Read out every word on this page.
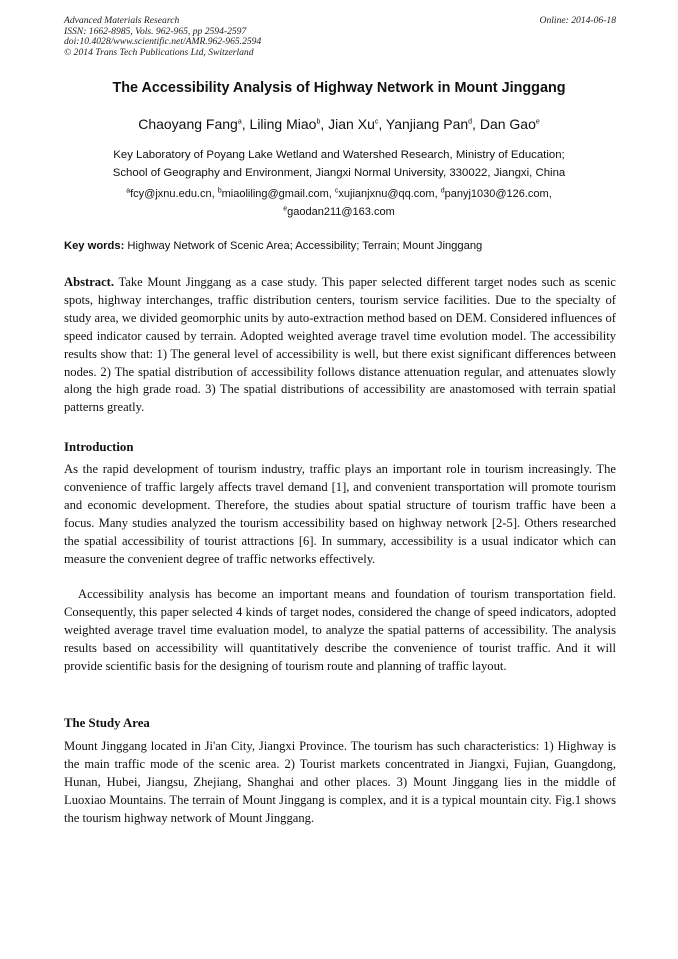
Advanced Materials Research
ISSN: 1662-8985, Vols. 962-965, pp 2594-2597
doi:10.4028/www.scientific.net/AMR.962-965.2594
© 2014 Trans Tech Publications Ltd, Switzerland
Online: 2014-06-18
The Accessibility Analysis of Highway Network in Mount Jinggang
Chaoyang Fang$^a$, Liling Miao$^b$, Jian Xu$^c$, Yanjiang Pan$^d$, Dan Gao$^e$
Key Laboratory of Poyang Lake Wetland and Watershed Research, Ministry of Education;
School of Geography and Environment, Jiangxi Normal University, 330022, Jiangxi, China
$^a$fcy@jxnu.edu.cn, $^b$miaoliling@gmail.com, $^c$xujianjxnu@qq.com, $^d$panyj1030@126.com,
$^e$gaodan211@163.com
Key words: Highway Network of Scenic Area; Accessibility; Terrain; Mount Jinggang

Abstract. Take Mount Jinggang as a case study. This paper selected different target nodes such as scenic spots, highway interchanges, traffic distribution centers, tourism service facilities. Due to the specialty of study area, we divided geomorphic units by auto-extraction method based on DEM. Considered influences of speed indicator caused by terrain. Adopted weighted average travel time evolution model. The accessibility results show that: 1) The general level of accessibility is well, but there exist significant differences between nodes. 2) The spatial distribution of accessibility follows distance attenuation regular, and attenuates slowly along the high grade road. 3) The spatial distributions of accessibility are anastomosed with terrain spatial patterns greatly.

Introduction

As the rapid development of tourism industry, traffic plays an important role in tourism increasingly. The convenience of traffic largely affects travel demand [1], and convenient transportation will promote tourism and economic development. Therefore, the studies about spatial structure of tourism traffic have been a focus. Many studies analyzed the tourism accessibility based on highway network [2-5]. Others researched the spatial accessibility of tourist attractions [6]. In summary, accessibility is a usual indicator which can measure the convenient degree of traffic networks effectively.

Accessibility analysis has become an important means and foundation of tourism transportation field. Consequently, this paper selected 4 kinds of target nodes, considered the change of speed indicators, adopted weighted average travel time evaluation model, to analyze the spatial patterns of accessibility. The analysis results based on accessibility will quantitatively describe the convenience of tourist traffic. And it will provide scientific basis for the designing of tourism route and planning of traffic layout.

The Study Area

Mount Jinggang located in Ji'an City, Jiangxi Province. The tourism has such characteristics: 1) Highway is the main traffic mode of the scenic area. 2) Tourist markets concentrated in Jiangxi, Fujian, Guangdong, Hunan, Hubei, Jiangsu, Zhejiang, Shanghai and other places. 3) Mount Jinggang lies in the middle of Luoxiao Mountains. The terrain of Mount Jinggang is complex, and it is a typical mountain city. Fig.1 shows the tourism highway network of Mount Jinggang.
